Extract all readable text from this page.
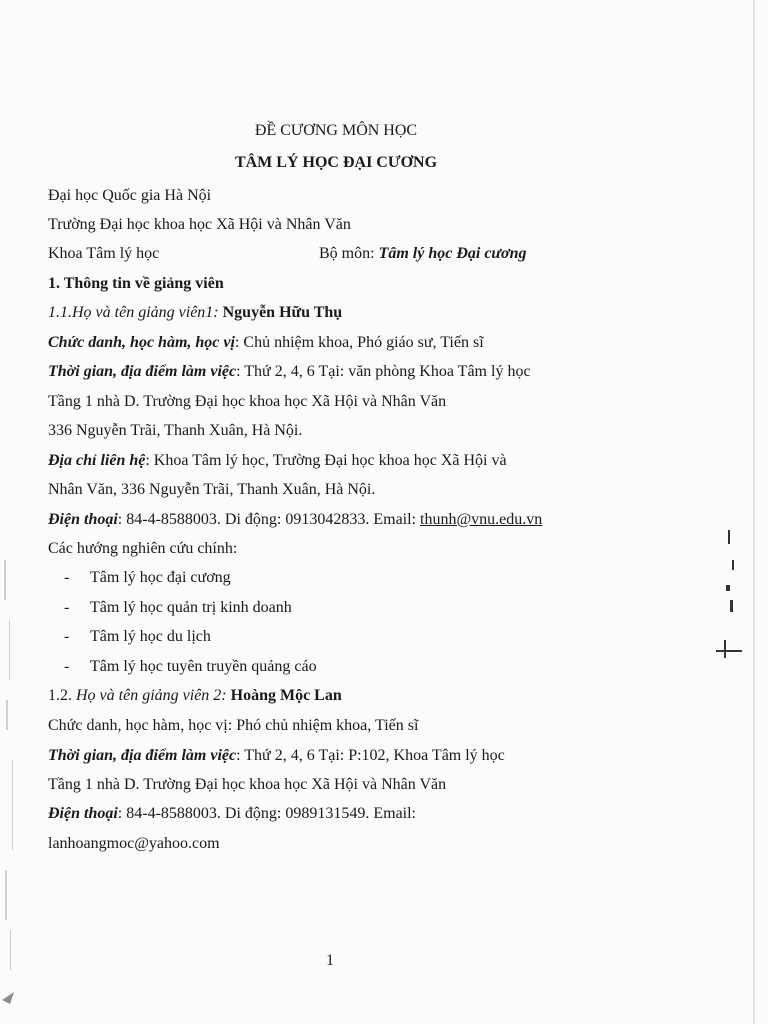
ĐỀ CƯƠNG MÔN HỌC
TÂM LÝ HỌC ĐẠI CƯƠNG
Đại học Quốc gia Hà Nội
Trường Đại học khoa học Xã Hội và Nhân Văn
Khoa Tâm lý học	Bộ môn: Tâm lý học Đại cương
1. Thông tin về giảng viên
1.1.Họ và tên giảng viên1: Nguyễn Hữu Thụ
Chức danh, học hàm, học vị: Chủ nhiệm khoa, Phó giáo sư, Tiến sĩ
Thời gian, địa điểm làm việc: Thứ 2, 4, 6 Tại: văn phòng Khoa Tâm lý học
Tầng 1 nhà D. Trường Đại học khoa học Xã Hội và Nhân Văn
336 Nguyễn Trãi, Thanh Xuân, Hà Nội.
Địa chỉ liên hệ: Khoa Tâm lý học, Trường Đại học khoa học Xã Hội và
Nhân Văn, 336 Nguyễn Trãi, Thanh Xuân, Hà Nội.
Điện thoại: 84-4-8588003. Di động: 0913042833. Email: thunh@vnu.edu.vn
Các hướng nghiên cứu chính:
- Tâm lý học đại cương
- Tâm lý học quản trị kinh doanh
- Tâm lý học du lịch
- Tâm lý học tuyên truyền quảng cáo
1.2. Họ và tên giảng viên 2: Hoàng Mộc Lan
Chức danh, học hàm, học vị: Phó chủ nhiệm khoa, Tiến sĩ
Thời gian, địa điểm làm việc: Thứ 2, 4, 6 Tại: P:102, Khoa Tâm lý học
Tầng 1 nhà D. Trường Đại học khoa học Xã Hội và Nhân Văn
Điện thoại: 84-4-8588003. Di động: 0989131549. Email:
lanhoangmoc@yahoo.com
1
